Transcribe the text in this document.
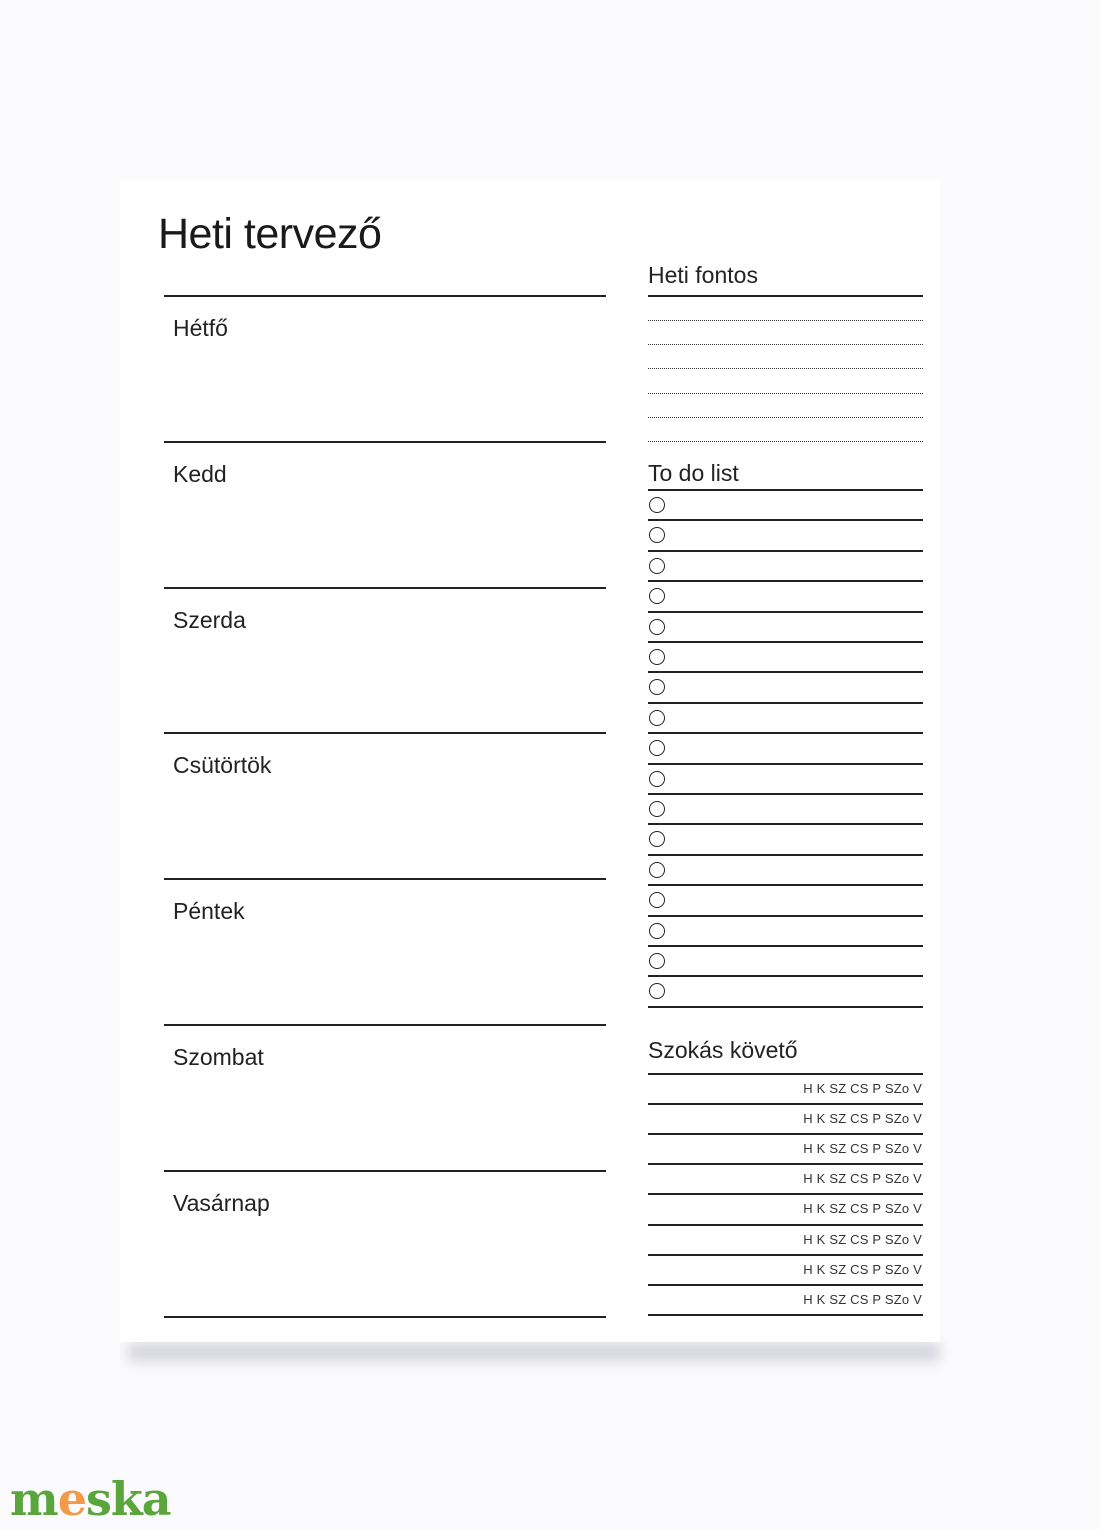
Heti tervező
Hétfő
Kedd
Szerda
Csütörtök
Péntek
Szombat
Vasárnap
Heti fontos
To do list
Szokás követő
H K SZ CS P SZo V
H K SZ CS P SZo V
H K SZ CS P SZo V
H K SZ CS P SZo V
H K SZ CS P SZo V
H K SZ CS P SZo V
H K SZ CS P SZo V
H K SZ CS P SZo V
meska
